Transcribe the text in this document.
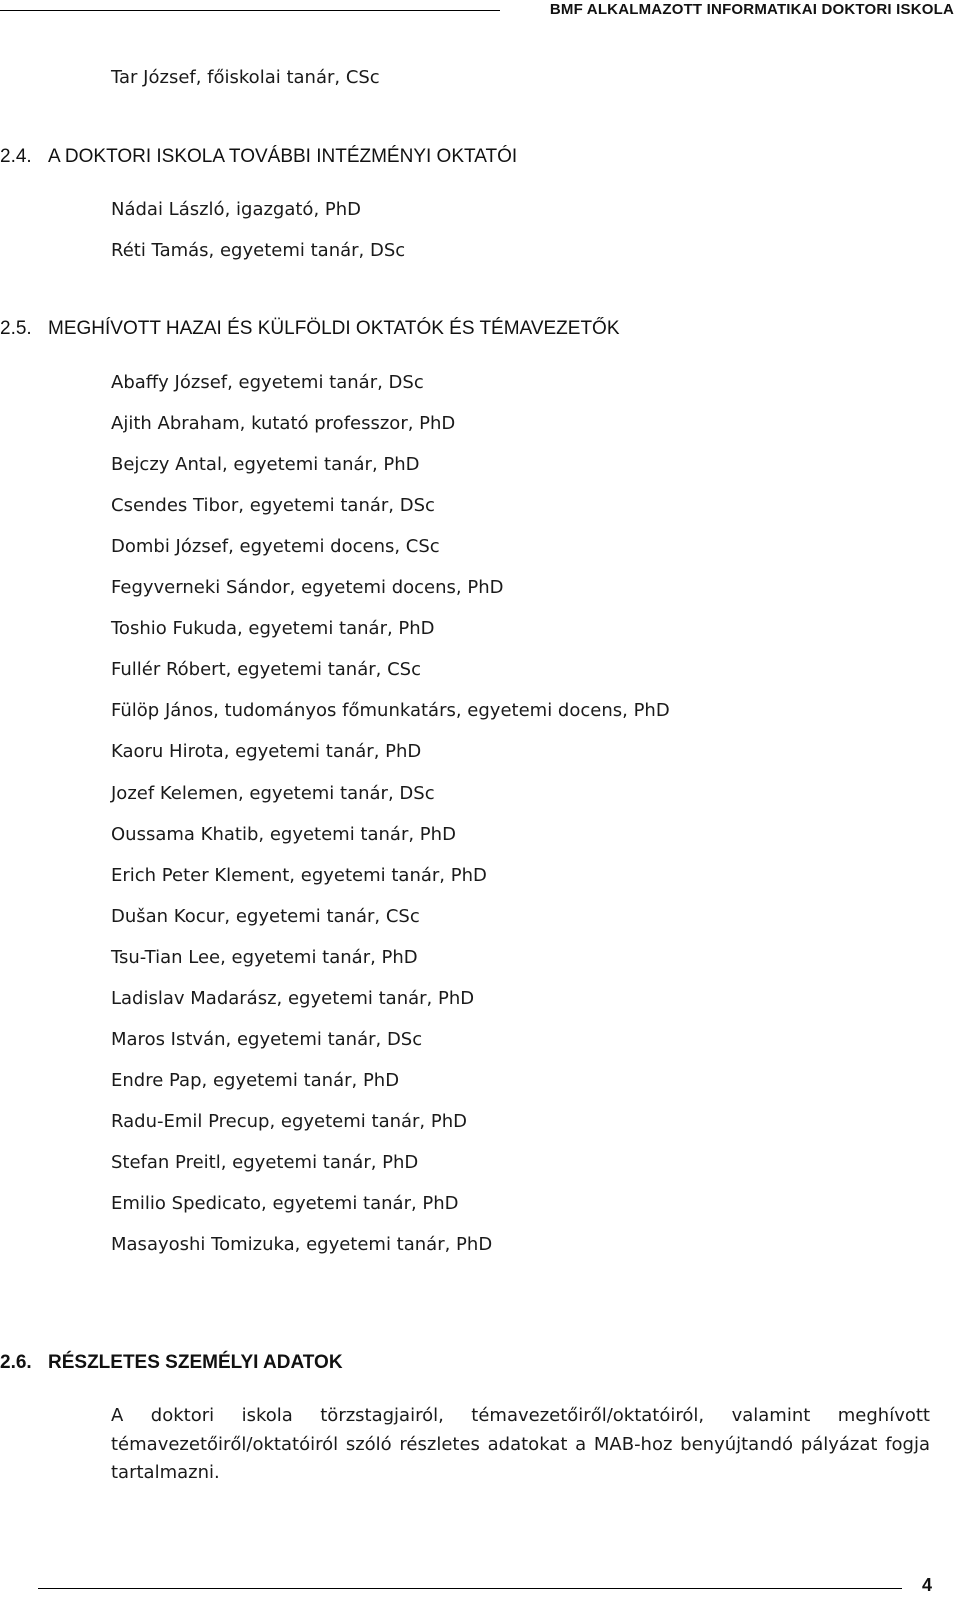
BMF ALKALMAZOTT INFORMATIKAI DOKTORI ISKOLA
Tar József, főiskolai tanár, CSc
2.4. A DOKTORI ISKOLA TOVÁBBI INTÉZMÉNYI OKTATÓI
Nádai László, igazgató, PhD
Réti Tamás, egyetemi tanár, DSc
2.5. MEGHÍVOTT HAZAI ÉS KÜLFÖLDI OKTATÓK ÉS TÉMAVEZETŐK
Abaffy József, egyetemi tanár, DSc
Ajith Abraham, kutató professzor, PhD
Bejczy Antal, egyetemi tanár, PhD
Csendes Tibor, egyetemi tanár, DSc
Dombi József, egyetemi docens, CSc
Fegyverneki Sándor, egyetemi docens, PhD
Toshio Fukuda, egyetemi tanár, PhD
Fullér Róbert, egyetemi tanár, CSc
Fülöp János, tudományos főmunkatárs, egyetemi docens, PhD
Kaoru Hirota, egyetemi tanár, PhD
Jozef Kelemen, egyetemi tanár, DSc
Oussama Khatib, egyetemi tanár, PhD
Erich Peter Klement, egyetemi tanár, PhD
Dušan Kocur, egyetemi tanár, CSc
Tsu-Tian Lee, egyetemi tanár, PhD
Ladislav Madarász, egyetemi tanár, PhD
Maros István, egyetemi tanár, DSc
Endre Pap, egyetemi tanár, PhD
Radu-Emil Precup, egyetemi tanár, PhD
Stefan Preitl, egyetemi tanár, PhD
Emilio Spedicato, egyetemi tanár, PhD
Masayoshi Tomizuka, egyetemi tanár, PhD
2.6. RÉSZLETES SZEMÉLYI ADATOK
A doktori iskola törzstagjairól, témavezetőiről/oktatóiról, valamint meghívott témavezetőiről/oktatóiról szóló részletes adatokat a MAB-hoz benyújtandó pályázat fogja tartalmazni.
4
